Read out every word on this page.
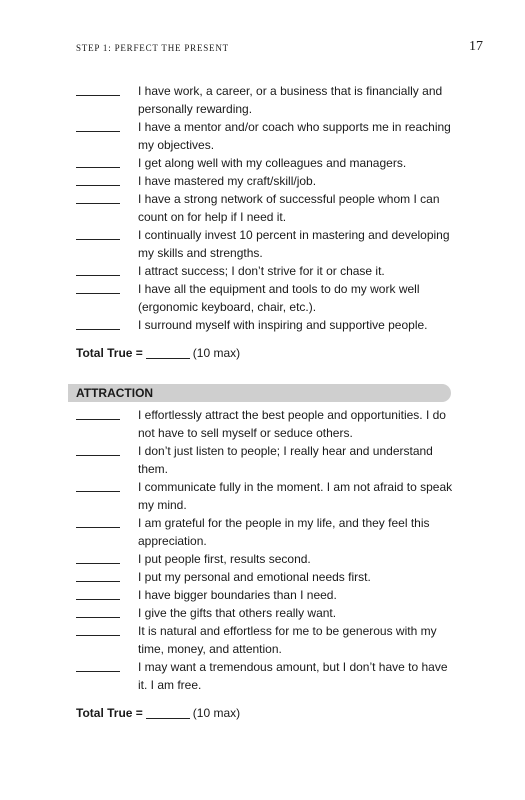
STEP 1: PERFECT THE PRESENT	17
I have work, a career, or a business that is financially and personally rewarding.
I have a mentor and/or coach who supports me in reaching my objectives.
I get along well with my colleagues and managers.
I have mastered my craft/skill/job.
I have a strong network of successful people whom I can count on for help if I need it.
I continually invest 10 percent in mastering and developing my skills and strengths.
I attract success; I don’t strive for it or chase it.
I have all the equipment and tools to do my work well (ergonomic keyboard, chair, etc.).
I surround myself with inspiring and supportive people.
Total True =	(10 max)
ATTRACTION
I effortlessly attract the best people and opportunities. I do not have to sell myself or seduce others.
I don’t just listen to people; I really hear and understand them.
I communicate fully in the moment. I am not afraid to speak my mind.
I am grateful for the people in my life, and they feel this appreciation.
I put people first, results second.
I put my personal and emotional needs first.
I have bigger boundaries than I need.
I give the gifts that others really want.
It is natural and effortless for me to be generous with my time, money, and attention.
I may want a tremendous amount, but I don’t have to have it. I am free.
Total True =	(10 max)
